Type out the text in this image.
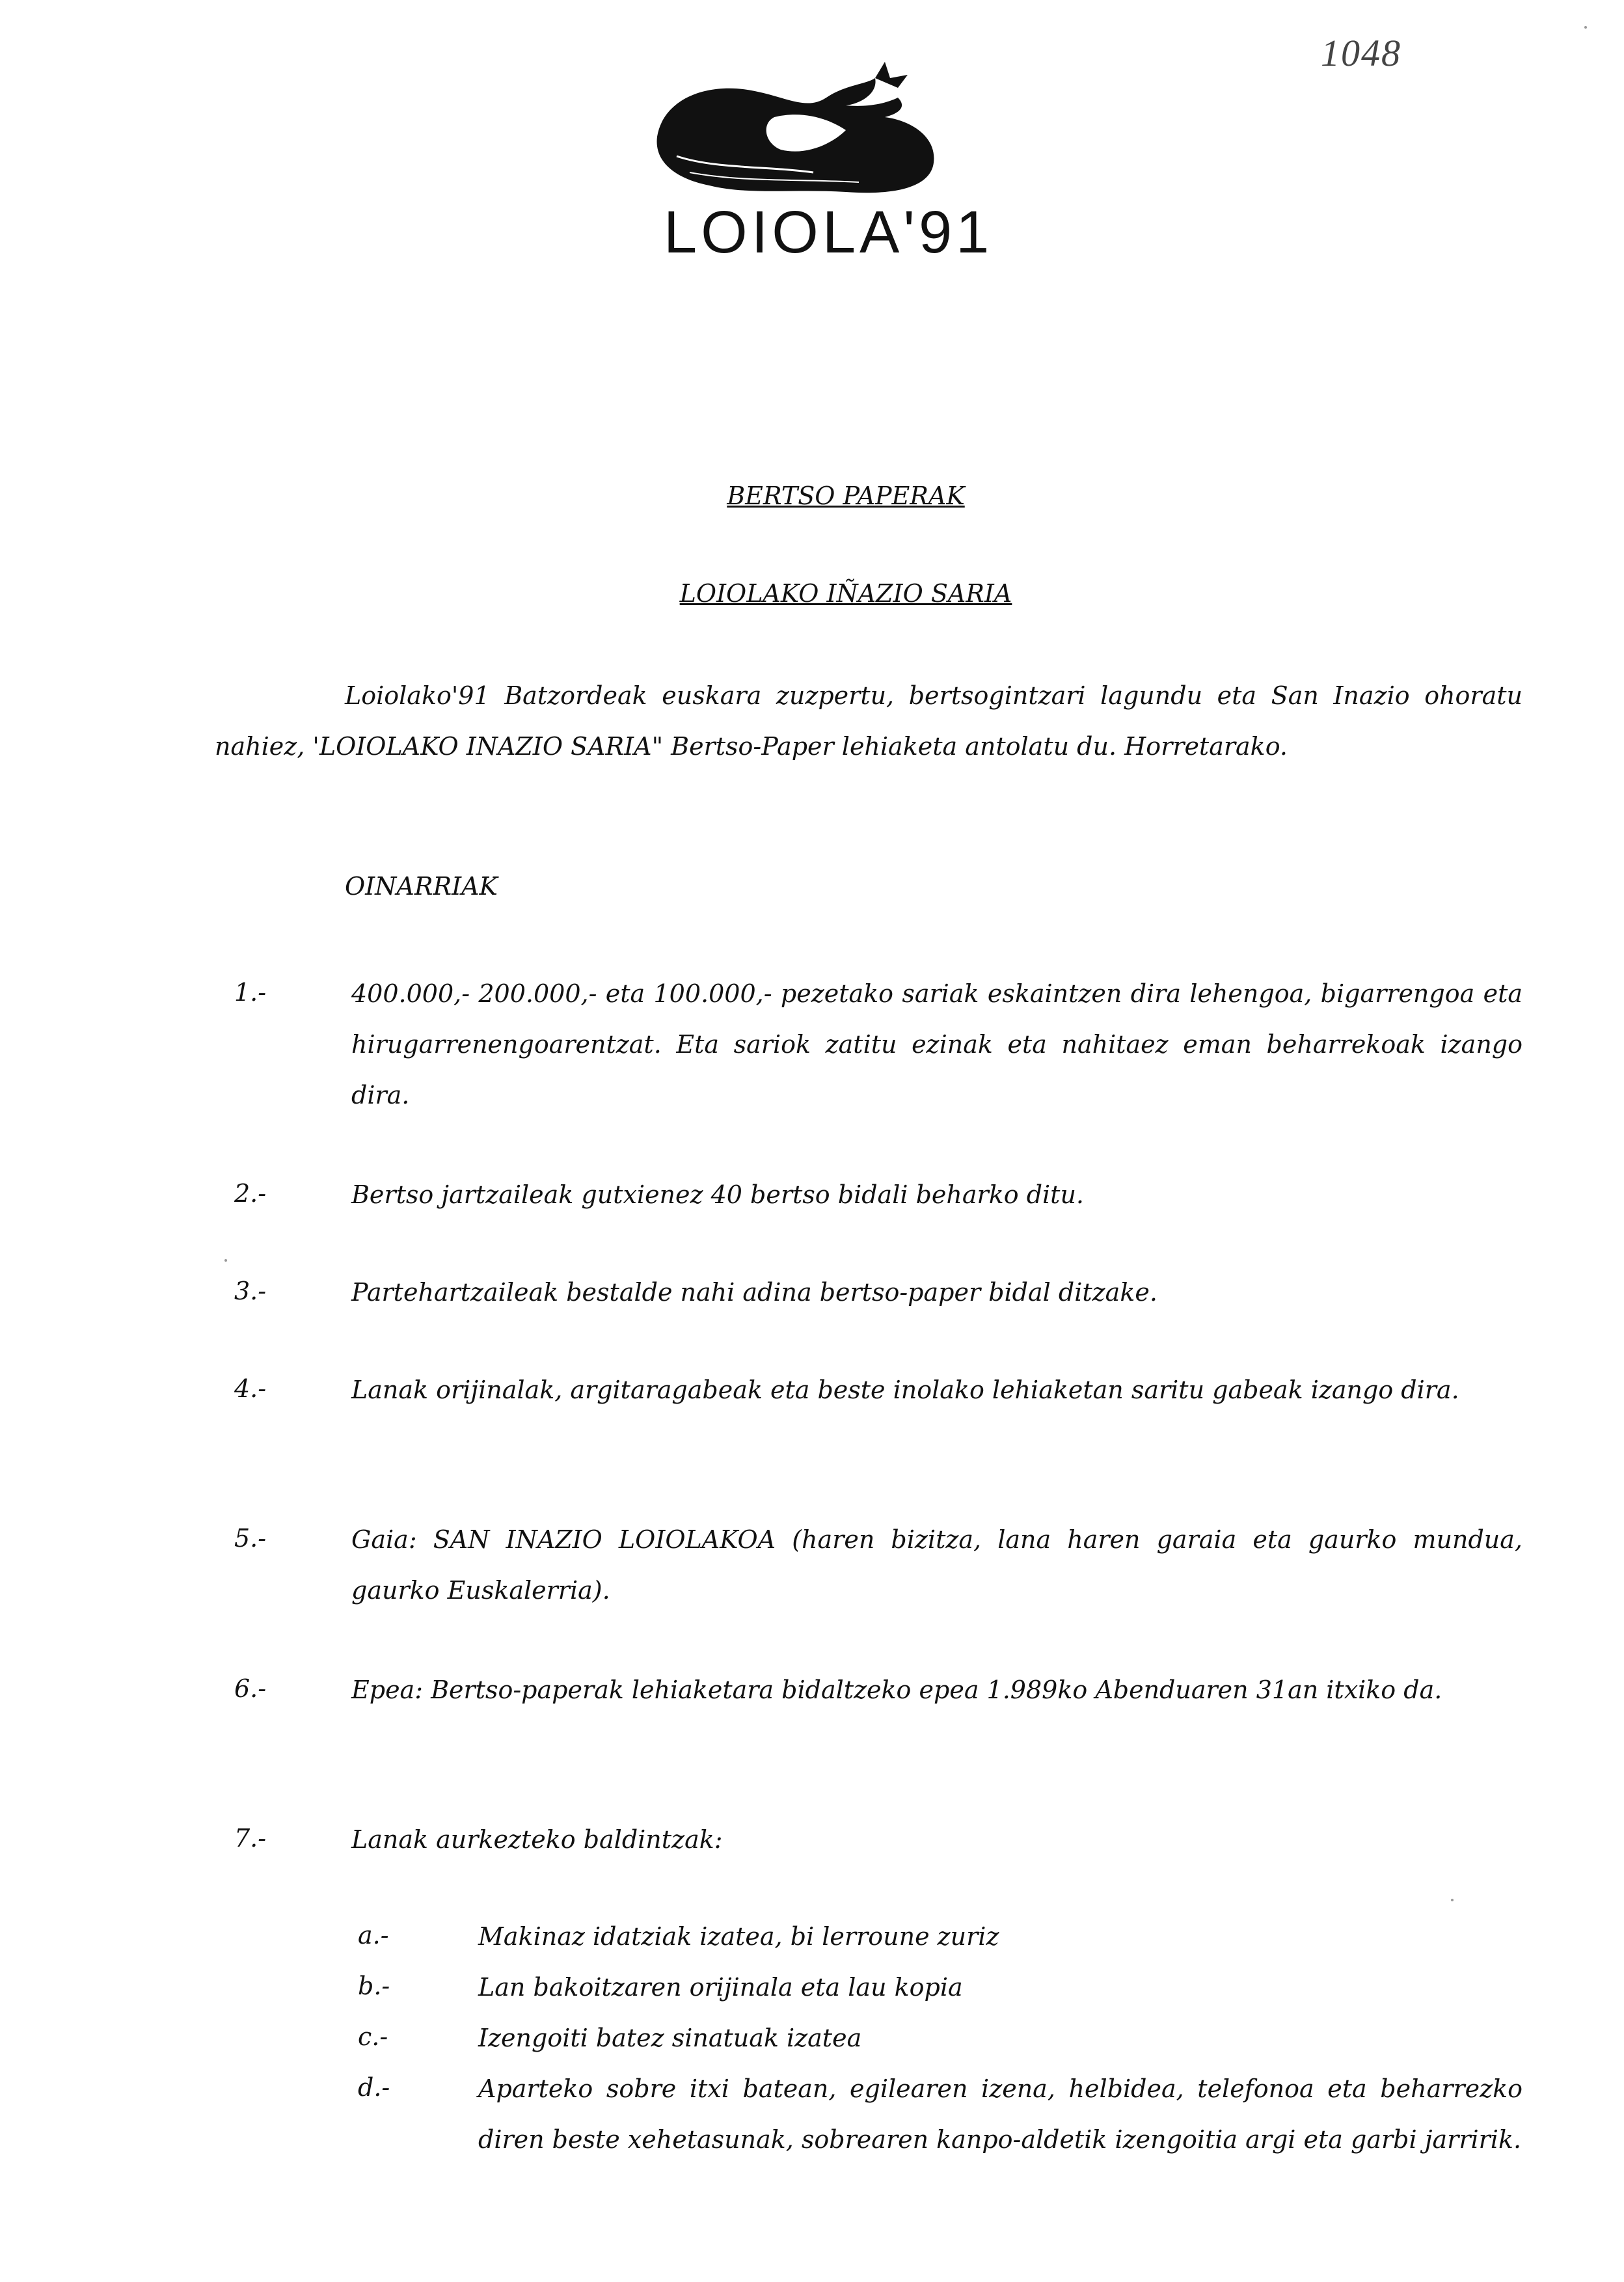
1048
LOIOLA'91
BERTSO PAPERAK
LOIOLAKO IÑAZIO SARIA
Loiolako'91 Batzordeak euskara zuzpertu, bertsogintzari lagundu eta San Inazio ohoratu nahiez, 'LOIOLAKO INAZIO SARIA" Bertso-Paper lehiaketa antolatu du. Horretarako.
OINARRIAK
1.-	400.000,- 200.000,- eta 100.000,- pezetako sariak eskaintzen dira lehengoa, bigarrengoa eta hirugarrenengoarentzat. Eta sariok zatitu ezinak eta nahitaez eman beharrekoak izango dira.
2.-	Bertso jartzaileak gutxienez 40 bertso bidali beharko ditu.
3.-	Partehartzaileak bestalde nahi adina bertso-paper bidal ditzake.
4.-	Lanak orijinalak, argitaragabeak eta beste inolako lehiaketan saritu gabeak izango dira.
5.-	Gaia: SAN INAZIO LOIOLAKOA (haren bizitza, lana haren garaia eta gaurko mundua, gaurko Euskalerria).
6.-	Epea: Bertso-paperak lehiaketara bidaltzeko epea 1.989ko Abenduaren 31an itxiko da.
7.-	Lanak aurkezteko baldintzak:
a.-	Makinaz idatziak izatea, bi lerroune zuriz
b.-	Lan bakoitzaren orijinala eta lau kopia
c.-	Izengoiti batez sinatuak izatea
d.-	Aparteko sobre itxi batean, egilearen izena, helbidea, telefonoa eta beharrezko diren beste xehetasunak, sobrearen kanpo-aldetik izengoitia argi eta garbi jarririk.
